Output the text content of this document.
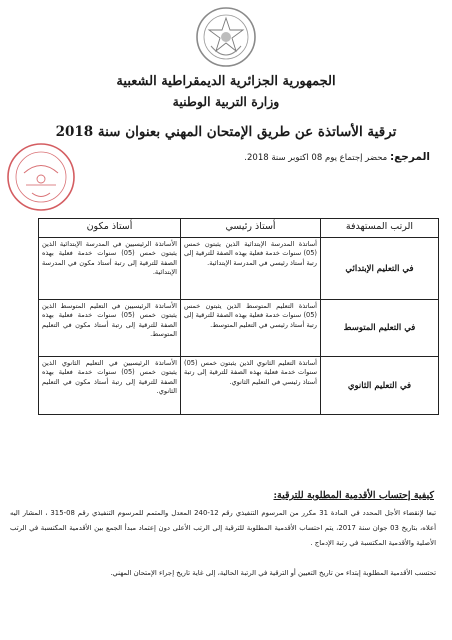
الجمهورية الجزائرية الديمقراطية الشعبية
وزارة التربية الوطنية
ترقية الأساتذة عن طريق الإمتحان المهني بعنوان سنة 2018
المرجع: محضر إجتماع يوم 08 اكتوبر سنة 2018.
الرتب المستهدفة	أستاذ رئيسي	أستاذ مكون
في التعليم الإبتدائي	أساتذة المدرسة الإبتدائية الذين يثبتون خمس (05) سنوات خدمة فعلية بهذه الصفة للترقية إلى رتبة أستاذ رئيسي في المدرسة الإبتدائية.	الأساتذة الرئيسيين في المدرسة الإبتدائية الذين يثبتون خمس (05) سنوات خدمة فعلية بهذه الصفة للترقية إلى رتبة أستاذ مكون في المدرسة الإبتدائية.
في التعليم المتوسط	أساتذة التعليم المتوسط الذين يثبتون خمس (05) سنوات خدمة فعلية بهذه الصفة للترقية إلى رتبة أستاذ رئيسي في التعليم المتوسط.	الأساتذة الرئيسيين في التعليم المتوسط الذين يثبتون خمس (05) سنوات خدمة فعلية بهذه الصفة للترقية إلى رتبة أستاذ مكون في التعليم المتوسط.
في التعليم الثانوي	أساتذة التعليم الثانوي الذين يثبتون خمس (05) سنوات خدمة فعلية بهذه الصفة للترقية إلى رتبة أستاذ رئيسي في التعليم الثانوي.	الأساتذة الرئيسيين في التعليم الثانوي الذين يثبتون خمس (05) سنوات خدمة فعلية بهذه الصفة للترقية إلى رتبة أستاذ مكون في التعليم الثانوي.
كيفية إحتساب الأقدمية المطلوبة للترقية:
تبعا لإنقضاء الأجل المحدد في المادة 31 مكرر من المرسوم التنفيذي رقم 12-240 المعدل والمتمم للمرسوم التنفيذي رقم 08-315 ، المشار اليه أعلاه، بتاريخ 03 جوان سنة 2017، يتم احتساب الأقدمية المطلوبة للترقية إلى الرتب الأعلى دون إعتماد مبدأ الجمع بين الأقدمية المكتسبة في الرتب الأصلية والأقدمية المكتسبة في رتبة الإدماج .
تحتسب الأقدمية المطلوبة إبتداء من تاريخ التعيين أو الترقية في الرتبة الحالية، إلى غاية تاريخ إجراء الإمتحان المهني.
